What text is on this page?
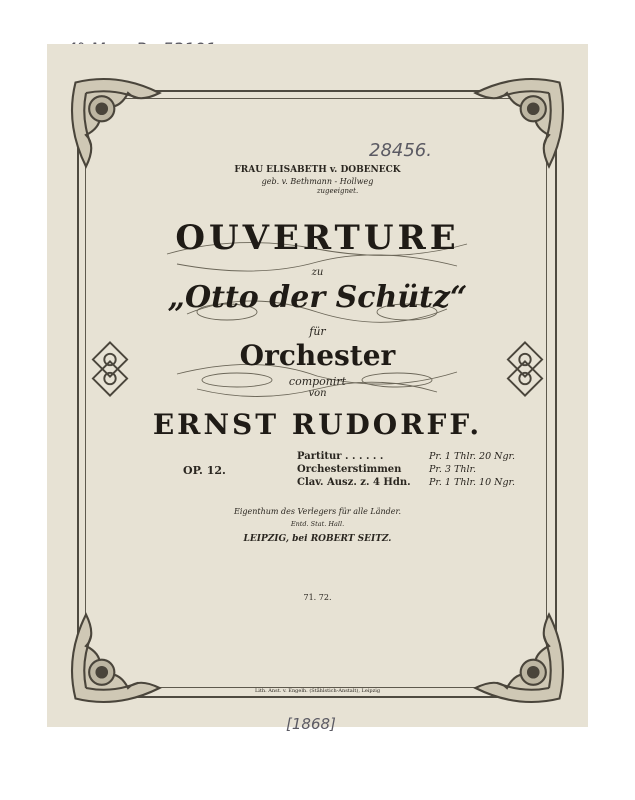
28456.
FRAU ELISABETH v. DOBENECK
geb. v. Bethmann - Hollweg
zugeeignet.
OUVERTURE
zu
„Otto der Schütz“
für
Orchester
componirt
von
ERNST RUDORFF.
OP. 12.
Partitur . . . . . .
Orchesterstimmen
Clav. Ausz. z. 4 Hdn.
Pr. 1 Thlr. 20 Ngr.
Pr. 3 Thlr.
Pr. 1 Thlr. 10 Ngr.
Eigenthum des Verlegers für alle Länder.
Entd. Stat. Hall.
LEIPZIG, bei ROBERT SEITZ.
71. 72.
Lith. Anst. v. Engelh. (Ståhlstich-Anstalt), Leipzig
[1868]
